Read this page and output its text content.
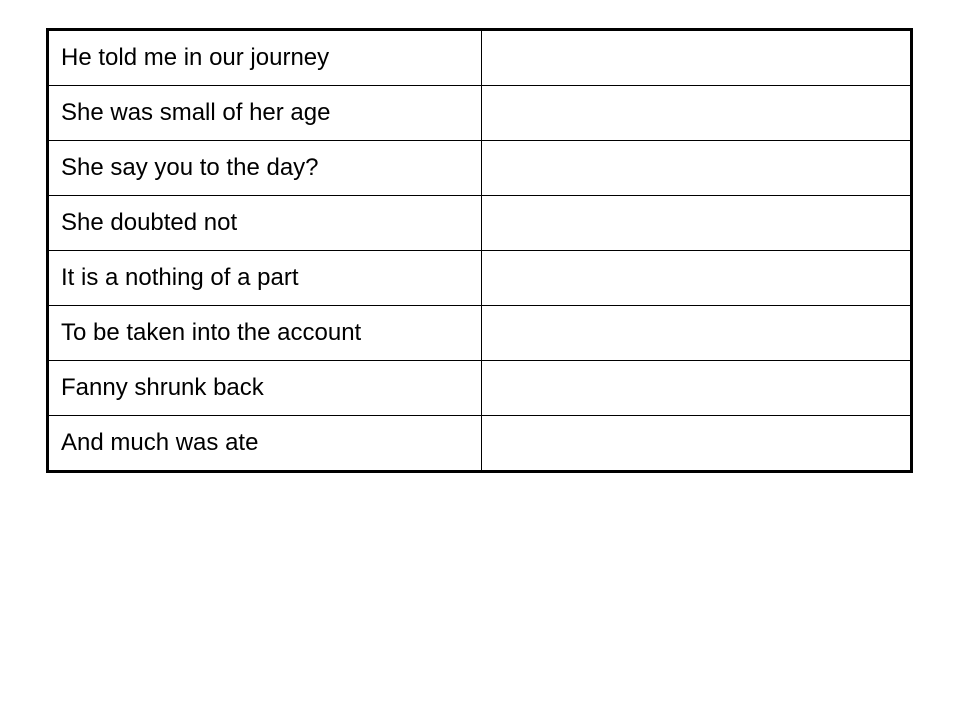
He told me in our journey	
She was small of her age	
She say you to the day?	
She doubted not	
It is a nothing of a part	
To be taken into the account	
Fanny shrunk back	
And much was ate	
